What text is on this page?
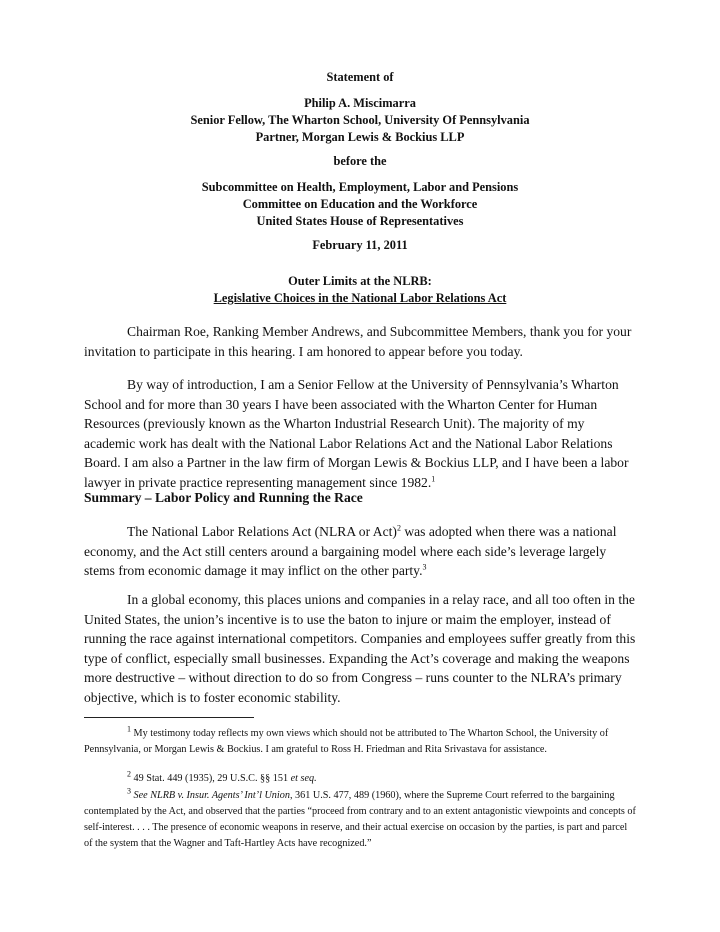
Statement of
Philip A. Miscimarra
Senior Fellow, The Wharton School, University Of Pennsylvania
Partner, Morgan Lewis & Bockius LLP
before the
Subcommittee on Health, Employment, Labor and Pensions
Committee on Education and the Workforce
United States House of Representatives
February 11, 2011
Outer Limits at the NLRB:
Legislative Choices in the National Labor Relations Act

Chairman Roe, Ranking Member Andrews, and Subcommittee Members, thank you for your invitation to participate in this hearing. I am honored to appear before you today.

By way of introduction, I am a Senior Fellow at the University of Pennsylvania’s Wharton School and for more than 30 years I have been associated with the Wharton Center for Human Resources (previously known as the Wharton Industrial Research Unit). The majority of my academic work has dealt with the National Labor Relations Act and the National Labor Relations Board. I am also a Partner in the law firm of Morgan Lewis & Bockius LLP, and I have been a labor lawyer in private practice representing management since 1982.$^1$

Summary – Labor Policy and Running the Race

The National Labor Relations Act (NLRA or Act)$^2$ was adopted when there was a national economy, and the Act still centers around a bargaining model where each side’s leverage largely stems from economic damage it may inflict on the other party.$^3$

In a global economy, this places unions and companies in a relay race, and all too often in the United States, the union’s incentive is to use the baton to injure or maim the employer, instead of running the race against international competitors. Companies and employees suffer greatly from this type of conflict, especially small businesses. Expanding the Act’s coverage and making the weapons more destructive – without direction to do so from Congress – runs counter to the NLRA’s primary objective, which is to foster economic stability.

$^1$ My testimony today reflects my own views which should not be attributed to The Wharton School, the University of Pennsylvania, or Morgan Lewis & Bockius. I am grateful to Ross H. Friedman and Rita Srivastava for assistance.

$^2$ 49 Stat. 449 (1935), 29 U.S.C. §§ 151 et seq.

$^3$ See NLRB v. Insur. Agents’ Int’l Union, 361 U.S. 477, 489 (1960), where the Supreme Court referred to the bargaining contemplated by the Act, and observed that the parties “proceed from contrary and to an extent antagonistic viewpoints and concepts of self-interest. . . . The presence of economic weapons in reserve, and their actual exercise on occasion by the parties, is part and parcel of the system that the Wagner and Taft-Hartley Acts have recognized.”
